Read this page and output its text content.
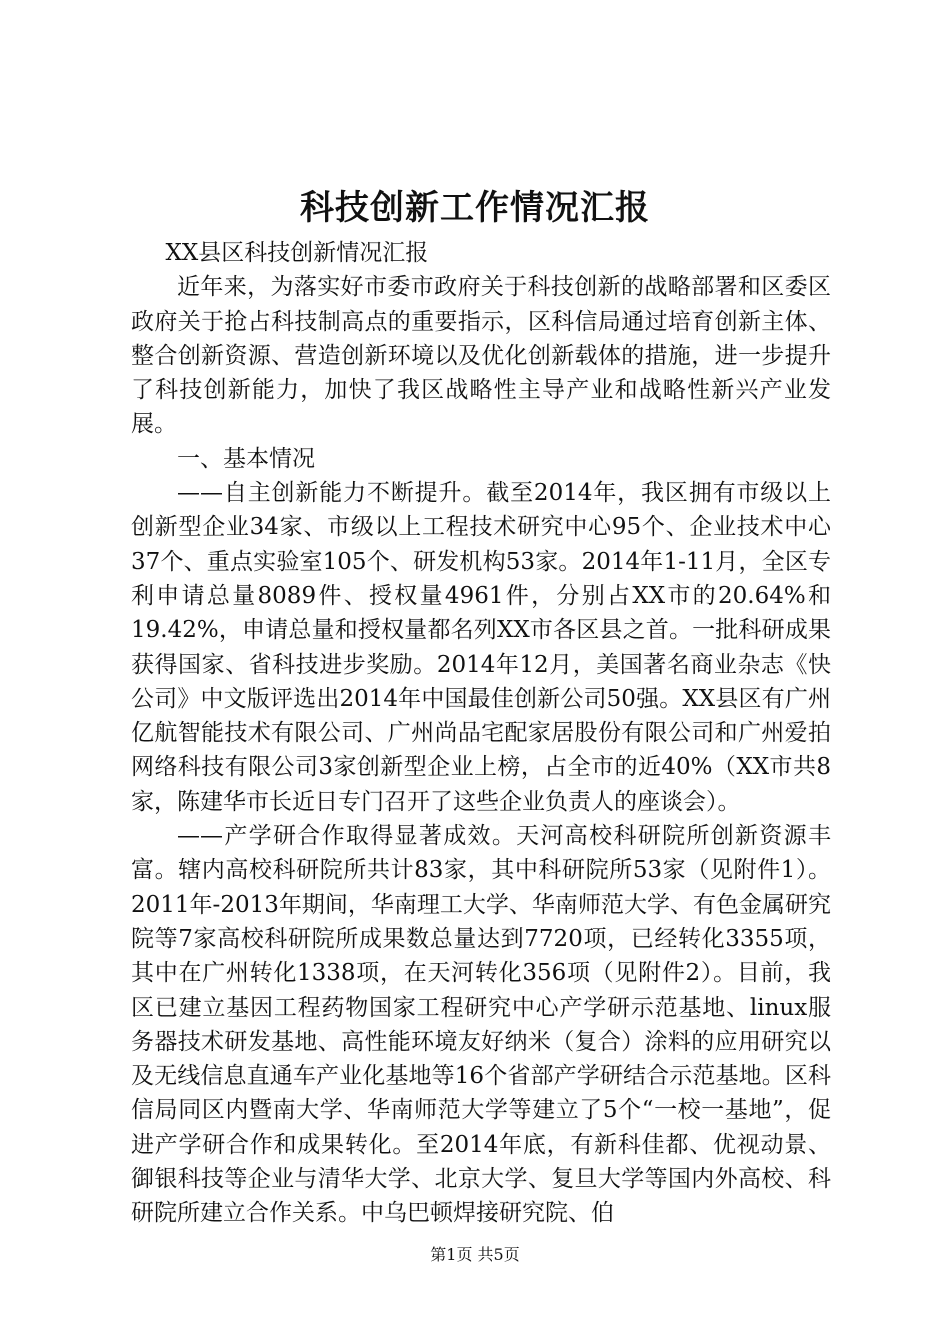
科技创新工作情况汇报

XX县区科技创新情况汇报

近年来，为落实好市委市政府关于科技创新的战略部署和区委区政府关于抢占科技制高点的重要指示，区科信局通过培育创新主体、整合创新资源、营造创新环境以及优化创新载体的措施，进一步提升了科技创新能力，加快了我区战略性主导产业和战略性新兴产业发展。

一、基本情况

——自主创新能力不断提升。截至2014年，我区拥有市级以上创新型企业34家、市级以上工程技术研究中心95个、企业技术中心37个、重点实验室105个、研发机构53家。2014年1-11月，全区专利申请总量8089件、授权量4961件，分别占XX市的20.64%和19.42%，申请总量和授权量都名列XX市各区县之首。一批科研成果获得国家、省科技进步奖励。2014年12月，美国著名商业杂志《快公司》中文版评选出2014年中国最佳创新公司50强。XX县区有广州亿航智能技术有限公司、广州尚品宅配家居股份有限公司和广州爱拍网络科技有限公司3家创新型企业上榜，占全市的近40%（XX市共8家，陈建华市长近日专门召开了这些企业负责人的座谈会）。

——产学研合作取得显著成效。天河高校科研院所创新资源丰富。辖内高校科研院所共计83家，其中科研院所53家（见附件1）。2011年-2013年期间，华南理工大学、华南师范大学、有色金属研究院等7家高校科研院所成果数总量达到7720项，已经转化3355项，其中在广州转化1338项，在天河转化356项（见附件2）。目前，我区已建立基因工程药物国家工程研究中心产学研示范基地、linux服务器技术研发基地、高性能环境友好纳米（复合）涂料的应用研究以及无线信息直通车产业化基地等16个省部产学研结合示范基地。区科信局同区内暨南大学、华南师范大学等建立了5个“一校一基地”，促进产学研合作和成果转化。至2014年底，有新科佳都、优视动景、御银科技等企业与清华大学、北京大学、复旦大学等国内外高校、科研院所建立合作关系。中乌巴顿焊接研究院、伯

第1页 共5页
